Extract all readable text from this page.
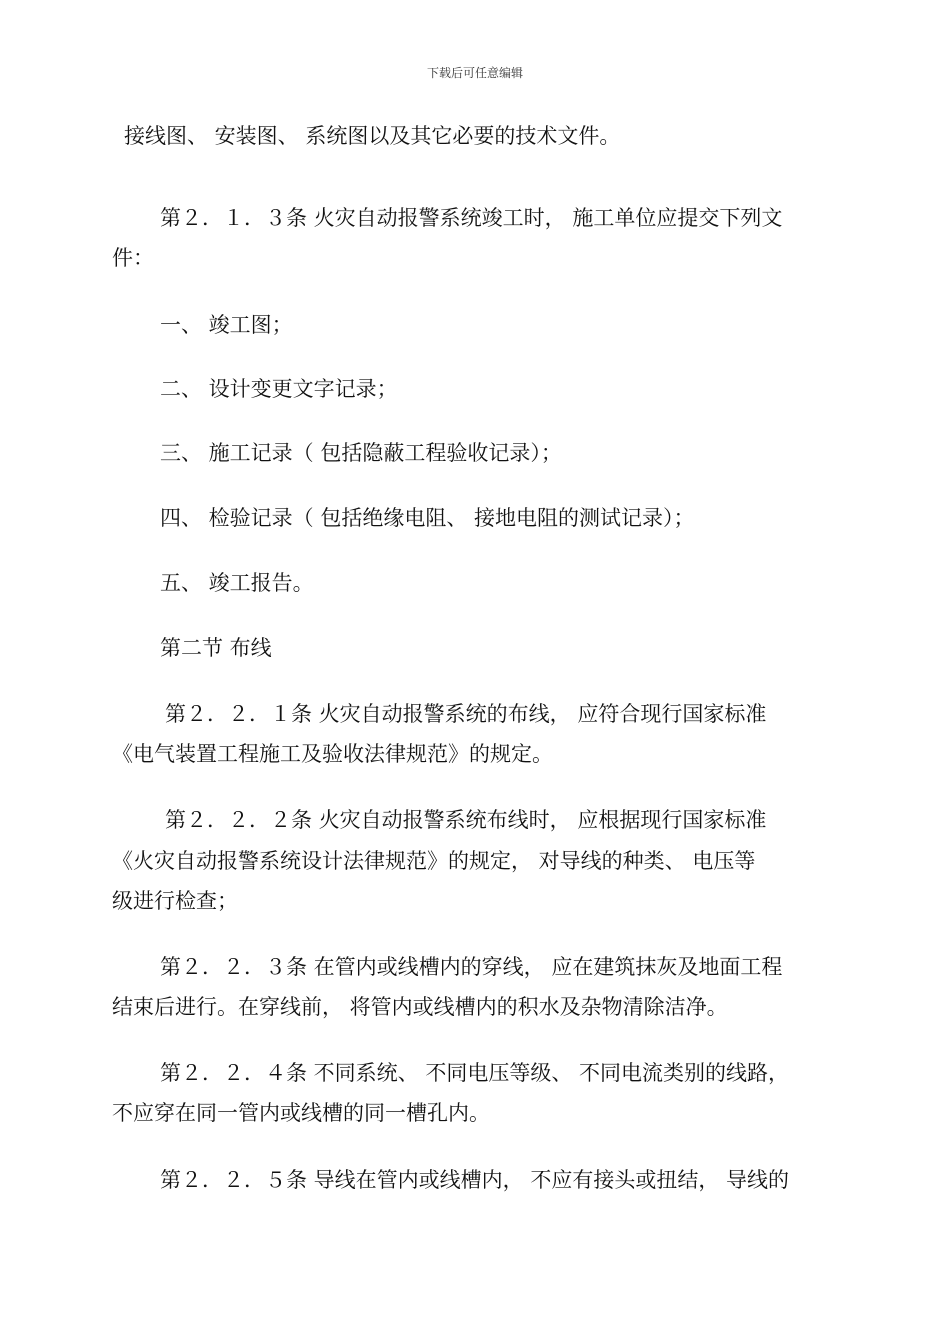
下载后可任意编辑
接线图、 安装图、 系统图以及其它必要的技术文件。
第２．１．３条 火灾自动报警系统竣工时， 施工单位应提交下列文
件：
一、 竣工图；
二、 设计变更文字记录；
三、 施工记录（ 包括隐蔽工程验收记录）；
四、 检验记录（ 包括绝缘电阻、 接地电阻的测试记录）；
五、 竣工报告。
第二节 布线
第２．２．１条 火灾自动报警系统的布线， 应符合现行国家标准
《电气装置工程施工及验收法律规范》的规定。
第２．２．２条 火灾自动报警系统布线时， 应根据现行国家标准
《火灾自动报警系统设计法律规范》的规定， 对导线的种类、 电压等
级进行检查；
第２．２．３条 在管内或线槽内的穿线， 应在建筑抹灰及地面工程
结束后进行。在穿线前， 将管内或线槽内的积水及杂物清除洁净。
第２．２．４条 不同系统、 不同电压等级、 不同电流类别的线路，
不应穿在同一管内或线槽的同一槽孔内。
第２．２．５条 导线在管内或线槽内， 不应有接头或扭结， 导线的
